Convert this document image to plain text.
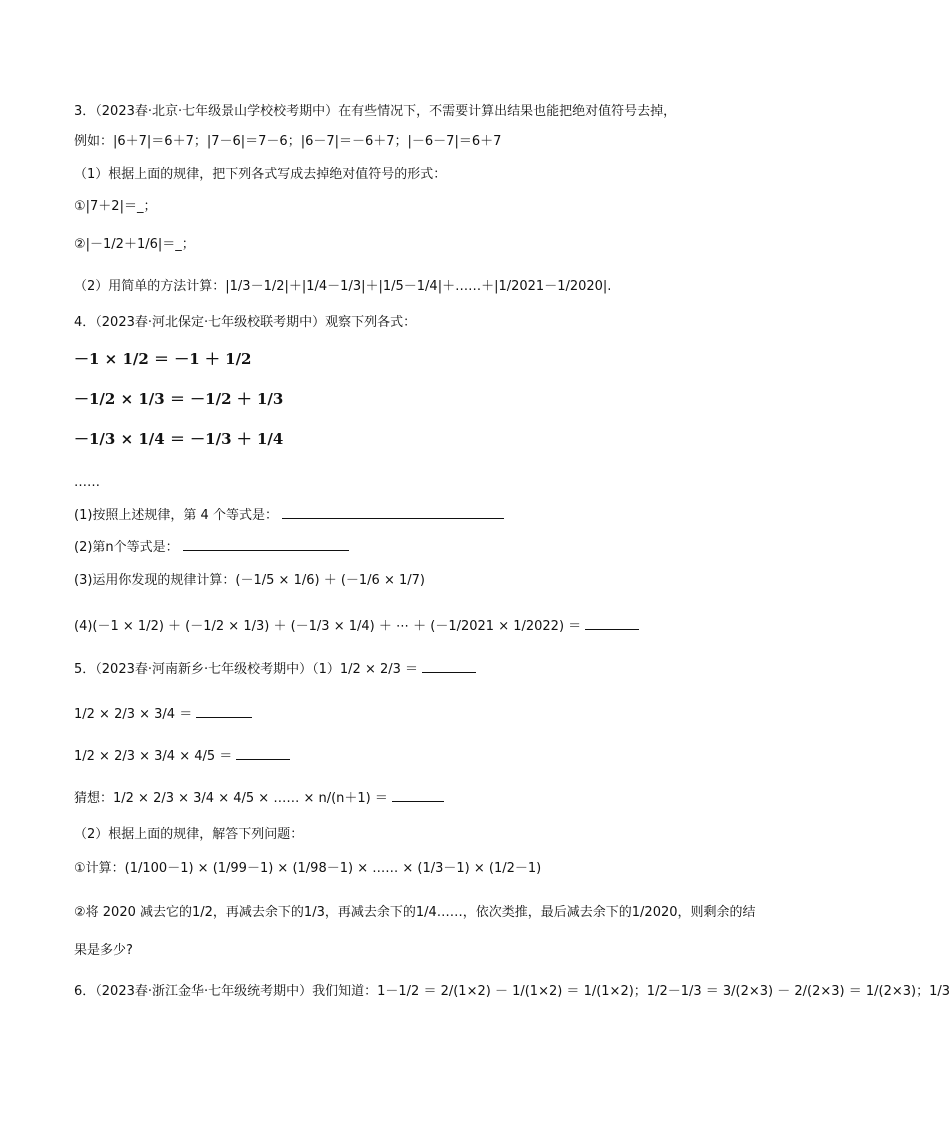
3．（2023春·北京·七年级景山学校校考期中）在有些情况下，不需要计算出结果也能把绝对值符号去掉，
例如：|6＋7|＝6＋7；|7－6|＝7－6；|6－7|＝－6＋7；|－6－7|＝6＋7
（1）根据上面的规律，把下列各式写成去掉绝对值符号的形式：
①|7＋2|＝_；
②|－1/2＋1/6|＝_；
（2）用简单的方法计算：|1/3－1/2|＋|1/4－1/3|＋|1/5－1/4|＋……＋|1/2021－1/2020|.
4．（2023春·河北保定·七年级校联考期中）观察下列各式：
－1 × 1/2 ＝ －1 ＋ 1/2
－1/2 × 1/3 ＝ －1/2 ＋ 1/3
－1/3 × 1/4 ＝ －1/3 ＋ 1/4
……
(1)按照上述规律，第 4 个等式是：
(2)第n个等式是：
(3)运用你发现的规律计算：(－1/5 × 1/6) ＋ (－1/6 × 1/7)
(4)(－1 × 1/2) ＋ (－1/2 × 1/3) ＋ (－1/3 × 1/4) ＋ ⋯ ＋ (－1/2021 × 1/2022) ＝
5．（2023春·河南新乡·七年级校考期中）（1）1/2 × 2/3 ＝
1/2 × 2/3 × 3/4 ＝
1/2 × 2/3 × 3/4 × 4/5 ＝
猜想：1/2 × 2/3 × 3/4 × 4/5 × …… × n/(n＋1) ＝
（2）根据上面的规律，解答下列问题：
①计算：(1/100－1) × (1/99－1) × (1/98－1) × …… × (1/3－1) × (1/2－1)
②将 2020 减去它的1/2，再减去余下的1/3，再减去余下的1/4……，依次类推，最后减去余下的1/2020，则剩余的结
果是多少?
6．（2023春·浙江金华·七年级统考期中）我们知道：1－1/2 ＝ 2/(1×2) － 1/(1×2) ＝ 1/(1×2)；1/2－1/3 ＝ 3/(2×3) － 2/(2×3) ＝ 1/(2×3)；1/3
